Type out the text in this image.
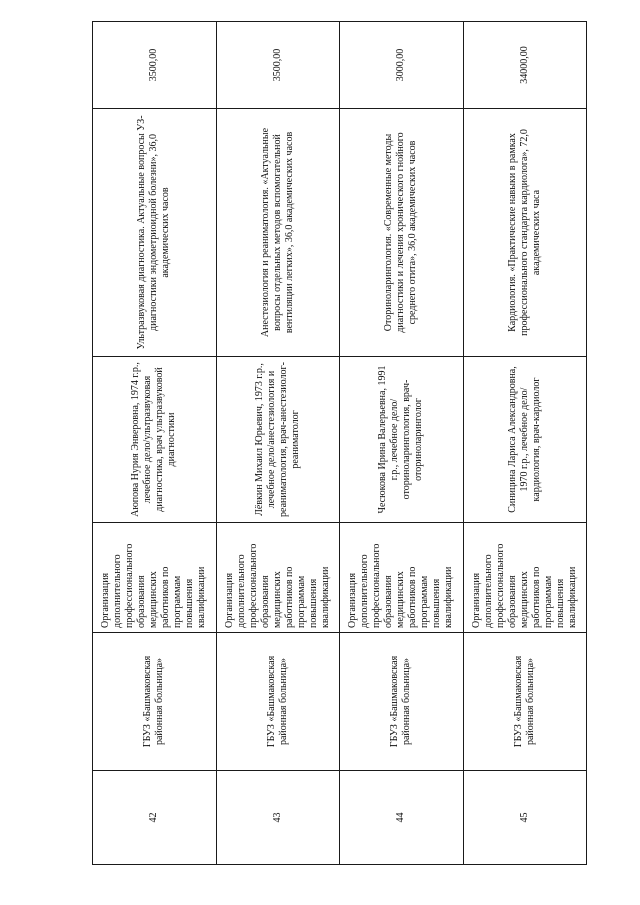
42	ГБУЗ «Башмаковская районная больница»	Организация дополнительного профессионального образования медицинских работников по программам повышения квалификации	Аюпова Нурия Энверовна, 1974 г.р., лечебное дело/ультразвуковая диагностика, врач ультразвуковой диагностики	Ультразвуковая диагностика. Актуальные вопросы УЗ-диагностики эндометриоидной болезни», 36,0 академических часов	3500,00
43	ГБУЗ «Башмаковская районная больница»	Организация дополнительного профессионального образования медицинских работников по программам повышения квалификации	Лёвкин Михаил Юрьевич, 1973 г.р., лечебное дело/анестезиология и реаниматология, врач-анестезиолог-реаниматолог	Анестезиология и реаниматология. «Актуальные вопросы отдельных методов вспомогательной вентиляции легких», 36,0 академических часов	3500,00
44	ГБУЗ «Башмаковская районная больница»	Организация дополнительного профессионального образования медицинских работников по программам повышения квалификации	Чесюкова Ирина Валерьевна, 1991 г.р., лечебное дело/оториноларингология, врач-оториноларинголог	Оториноларингология. «Современные методы диагностики и лечения хронического гнойного среднего отита», 36,0 академических часов	3000,00
45	ГБУЗ «Башмаковская районная больница»	Организация дополнительного профессионального образования медицинских работников по программам повышения квалификации	Синицина Лариса Александровна, 1970 г.р., лечебное дело/ кардиология, врач-кардиолог	Кардиология. «Практические навыки в рамках профессионального стандарта кардиолога», 72,0 академических часа	34000,00
